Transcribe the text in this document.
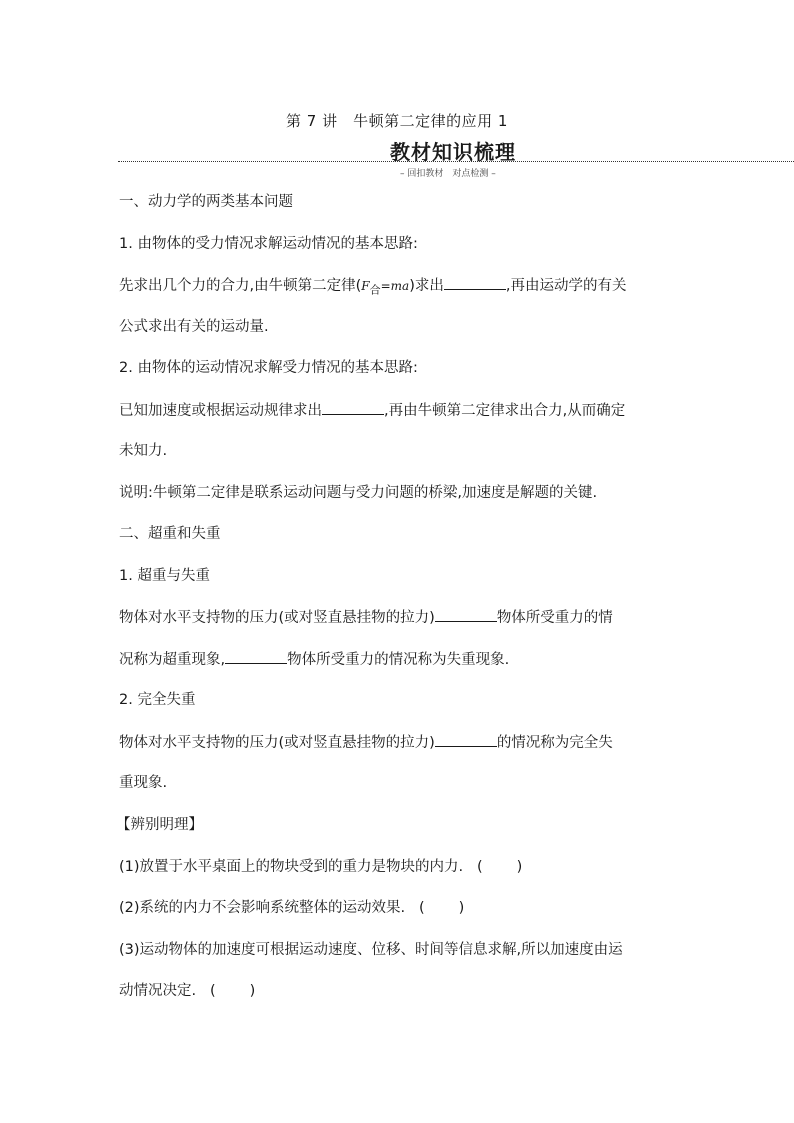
第 7 讲　牛顿第二定律的应用 1
教材知识梳理
– 回扣教材　对点检测 –
一、动力学的两类基本问题
1. 由物体的受力情况求解运动情况的基本思路:
先求出几个力的合力,由牛顿第二定律$(F_合=ma)$求出	,再由运动学的有关
公式求出有关的运动量.
2. 由物体的运动情况求解受力情况的基本思路:
已知加速度或根据运动规律求出	,再由牛顿第二定律求出合力,从而确定
未知力.
说明:牛顿第二定律是联系运动问题与受力问题的桥梁,加速度是解题的关键.
二、超重和失重
1. 超重与失重
物体对水平支持物的压力(或对竖直悬挂物的拉力)	物体所受重力的情
况称为超重现象,	物体所受重力的情况称为失重现象.
2. 完全失重
物体对水平支持物的压力(或对竖直悬挂物的拉力)	的情况称为完全失
重现象.
【辨别明理】
(1)放置于水平桌面上的物块受到的重力是物块的内力. ( )
(2)系统的内力不会影响系统整体的运动效果. ( )
(3)运动物体的加速度可根据运动速度、位移、时间等信息求解,所以加速度由运
动情况决定. ( )
